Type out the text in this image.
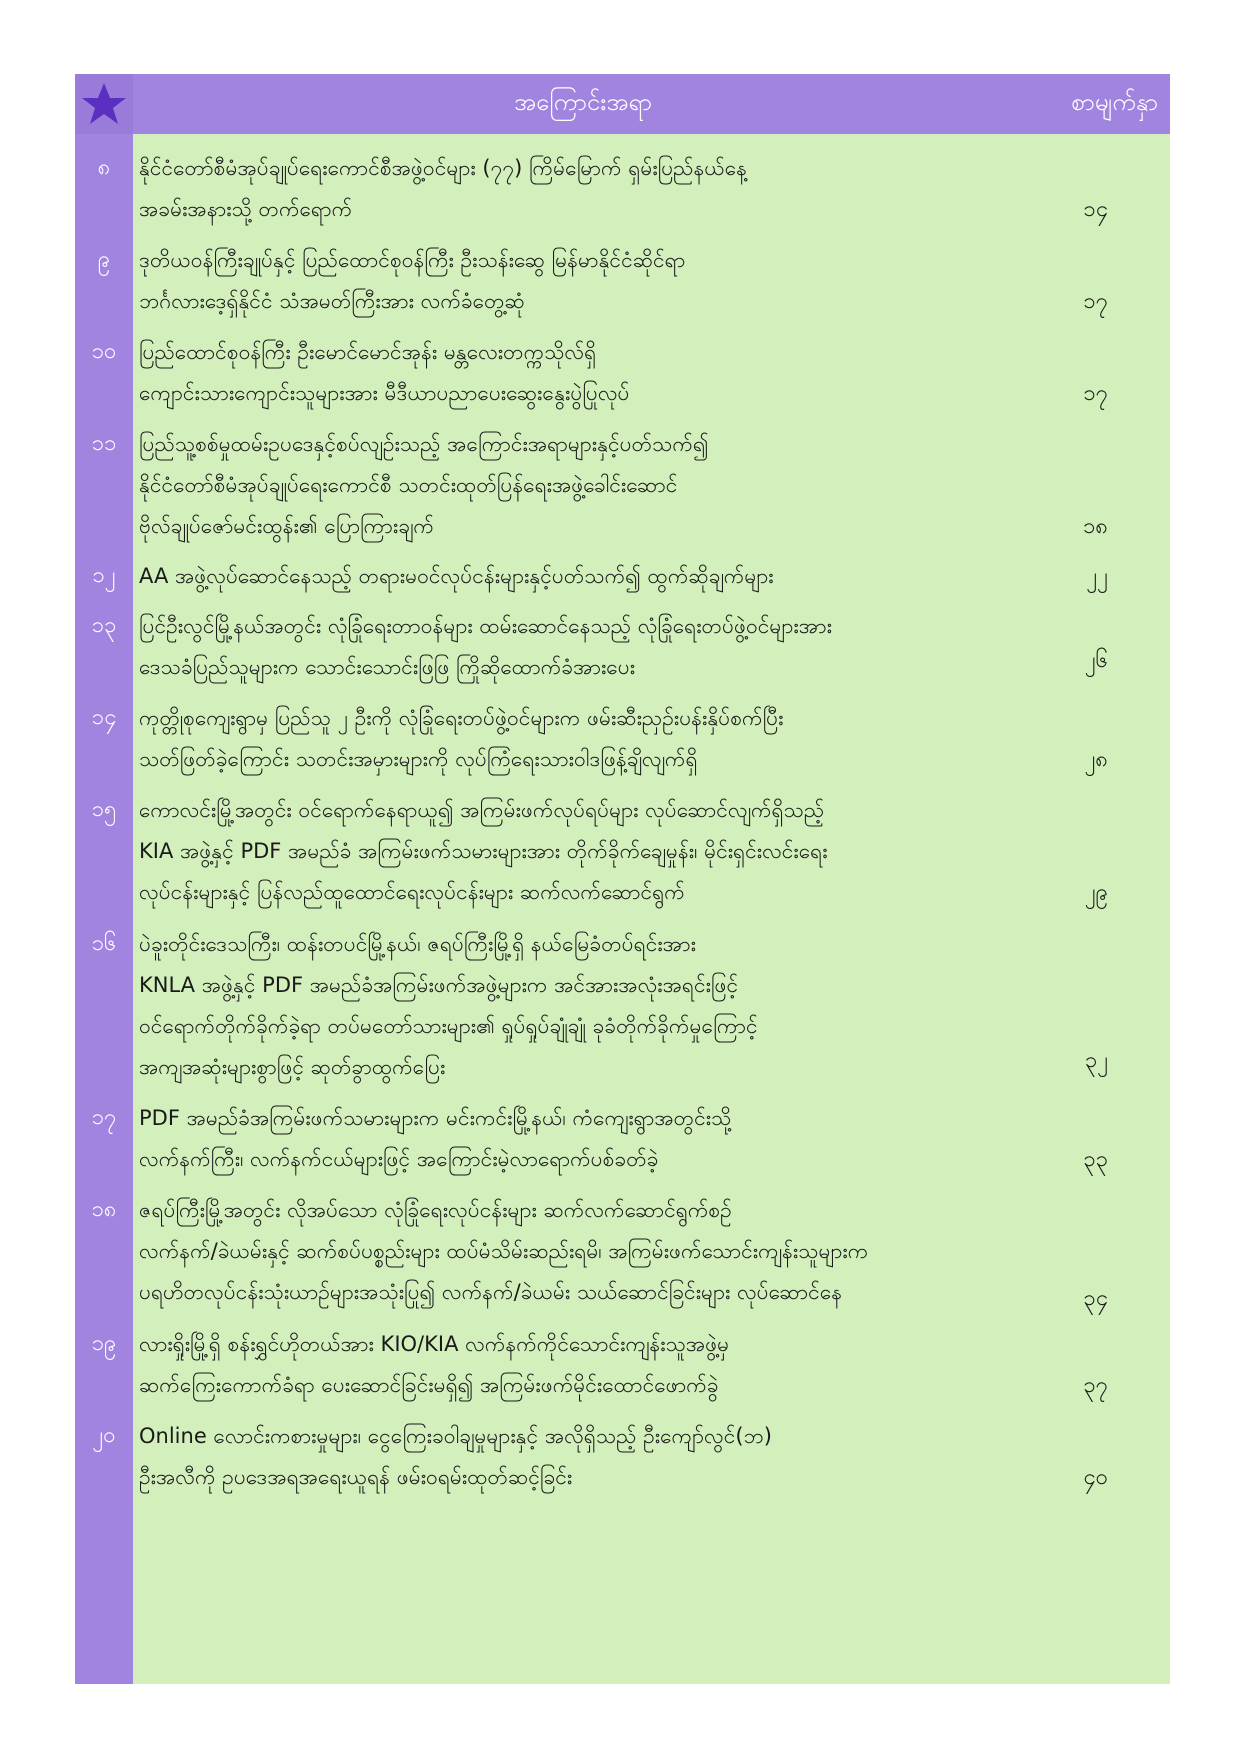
အကြောင်းအရာ	စာမျက်နှာ
၈	နိုင်ငံတော်စီမံအုပ်ချုပ်ရေးကောင်စီအဖွဲ့ဝင်များ (၇၇) ကြိမ်မြောက် ရှမ်းပြည်နယ်နေ့
အခမ်းအနားသို့ တက်ရောက်	၁၄
၉	ဒုတိယဝန်ကြီးချုပ်နှင့် ပြည်ထောင်စုဝန်ကြီး ဦးသန်းဆွေ မြန်မာနိုင်ငံဆိုင်ရာ
ဘင်္ဂလားဒေ့ရှ်နိုင်ငံ သံအမတ်ကြီးအား လက်ခံတွေ့ဆုံ	၁၇
၁၀	ပြည်ထောင်စုဝန်ကြီး ဦးမောင်မောင်အုန်း မန္တလေးတက္ကသိုလ်ရှိ
ကျောင်းသားကျောင်းသူများအား မီဒီယာပညာပေးဆွေးနွေးပွဲပြုလုပ်	၁၇
၁၁	ပြည်သူ့စစ်မှုထမ်းဥပဒေနှင့်စပ်လျဉ်းသည့် အကြောင်းအရာများနှင့်ပတ်သက်၍
နိုင်ငံတော်စီမံအုပ်ချုပ်ရေးကောင်စီ သတင်းထုတ်ပြန်ရေးအဖွဲ့ခေါင်းဆောင်
ဗိုလ်ချုပ်ဇော်မင်းထွန်း၏ ပြောကြားချက်	၁၈
၁၂	AA အဖွဲ့လုပ်ဆောင်နေသည့် တရားမဝင်လုပ်ငန်းများနှင့်ပတ်သက်၍ ထွက်ဆိုချက်များ	၂၂
၁၃	ပြင်ဦးလွင်မြို့နယ်အတွင်း လုံခြုံရေးတာဝန်များ ထမ်းဆောင်နေသည့် လုံခြုံရေးတပ်ဖွဲ့ဝင်များအား
ဒေသခံပြည်သူများက သောင်းသောင်းဖြဖြ ကြိုဆိုထောက်ခံအားပေး	၂၆
၁၄	ကုတ္တိုစုကျေးရွာမှ ပြည်သူ ၂ ဦးကို လုံခြုံရေးတပ်ဖွဲ့ဝင်များက ဖမ်းဆီးညှဉ်းပန်းနှိပ်စက်ပြီး
သတ်ဖြတ်ခဲ့ကြောင်း သတင်းအမှားများကို လုပ်ကြံရေးသားဝါဒဖြန့်ချိလျက်ရှိ	၂၈
၁၅	ကောလင်းမြို့အတွင်း ဝင်ရောက်နေရာယူ၍ အကြမ်းဖက်လုပ်ရပ်များ လုပ်ဆောင်လျက်ရှိသည့်
KIA အဖွဲ့နှင့် PDF အမည်ခံ အကြမ်းဖက်သမားများအား တိုက်ခိုက်ချေမှုန်း၊ မိုင်းရှင်းလင်းရေး
လုပ်ငန်းများနှင့် ပြန်လည်ထူထောင်ရေးလုပ်ငန်းများ ဆက်လက်ဆောင်ရွက်	၂၉
၁၆	ပဲခူးတိုင်းဒေသကြီး၊ ထန်းတပင်မြို့နယ်၊ ဇရပ်ကြီးမြို့ရှိ နယ်မြေခံတပ်ရင်းအား
KNLA အဖွဲ့နှင့် PDF အမည်ခံအကြမ်းဖက်အဖွဲ့များက အင်အားအလုံးအရင်းဖြင့်
ဝင်ရောက်တိုက်ခိုက်ခဲ့ရာ တပ်မတော်သားများ၏ ရှုပ်ရှုပ်ချုံချုံ ခုခံတိုက်ခိုက်မှုကြောင့်
အကျအဆုံးများစွာဖြင့် ဆုတ်ခွာထွက်ပြေး	၃၂
၁၇	PDF အမည်ခံအကြမ်းဖက်သမားများက မင်းကင်းမြို့နယ်၊ ကံကျေးရွာအတွင်းသို့
လက်နက်ကြီး၊ လက်နက်ငယ်များဖြင့် အကြောင်းမဲ့လာရောက်ပစ်ခတ်ခဲ့	၃၃
၁၈	ဇရပ်ကြီးမြို့အတွင်း လိုအပ်သော လုံခြုံရေးလုပ်ငန်းများ ဆက်လက်ဆောင်ရွက်စဉ်
လက်နက်/ခဲယမ်းနှင့် ဆက်စပ်ပစ္စည်းများ ထပ်မံသိမ်းဆည်းရမိ၊ အကြမ်းဖက်သောင်းကျန်းသူများက
ပရဟိတလုပ်ငန်းသုံးယာဉ်များအသုံးပြု၍ လက်နက်/ခဲယမ်း သယ်ဆောင်ခြင်းများ လုပ်ဆောင်နေ	၃၄
၁၉	လားရှိုးမြို့ရှိ စန်းရွှင်ဟိုတယ်အား KIO/KIA လက်နက်ကိုင်သောင်းကျန်းသူအဖွဲ့မှ
ဆက်ကြေးကောက်ခံရာ ပေးဆောင်ခြင်းမရှိ၍ အကြမ်းဖက်မိုင်းထောင်ဖောက်ခွဲ	၃၇
၂၀	Online လောင်းကစားမှုများ၊ ငွေကြေးခဝါချမှုများနှင့် အလိုရှိသည့် ဦးကျော်လွင်(ဘ)
ဦးအလီကို ဥပဒေအရအရေးယူရန် ဖမ်းဝရမ်းထုတ်ဆင့်ခြင်း	၄၀
